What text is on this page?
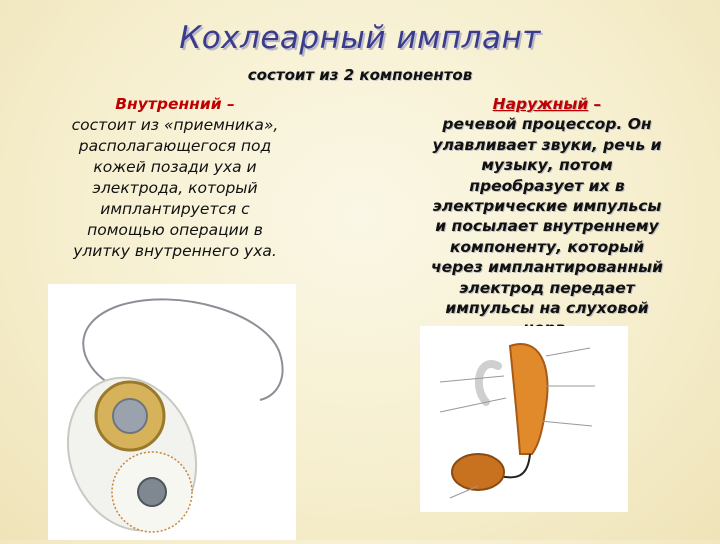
Кохлеарный имплант
состоит из 2 компонентов
Внутренний –
состоит из «приемника»,
располагающегося под
кожей позади уха и
электрода, который
имплантируется с
помощью операции в
улитку внутреннего уха.
Наружный –
речевой процессор. Он
улавливает звуки, речь и
музыку, потом
преобразует их в
электрические импульсы
и посылает внутреннему
компоненту, который
через имплантированный
электрод передает
импульсы на слуховой
